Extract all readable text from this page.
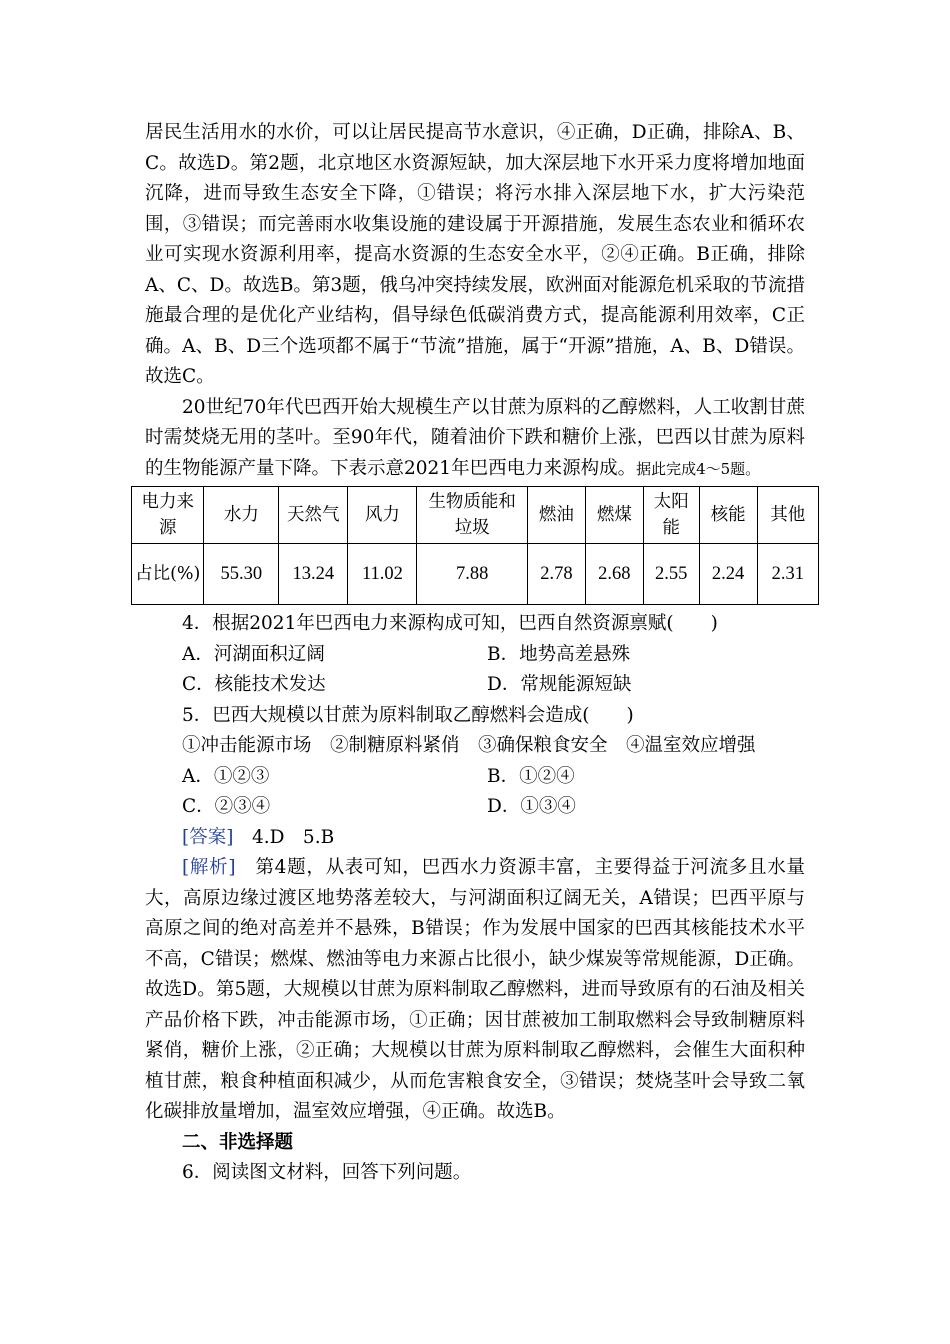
居民生活用水的水价，可以让居民提高节水意识，④正确，D正确，排除A、B、C。故选D。第2题，北京地区水资源短缺，加大深层地下水开采力度将增加地面沉降，进而导致生态安全下降，①错误；将污水排入深层地下水，扩大污染范围，③错误；而完善雨水收集设施的建设属于开源措施，发展生态农业和循环农业可实现水资源利用率，提高水资源的生态安全水平，②④正确。B正确，排除A、C、D。故选B。第3题，俄乌冲突持续发展，欧洲面对能源危机采取的节流措施最合理的是优化产业结构，倡导绿色低碳消费方式，提高能源利用效率，C正确。A、B、D三个选项都不属于“节流”措施，属于“开源”措施，A、B、D错误。故选C。

20世纪70年代巴西开始大规模生产以甘蔗为原料的乙醇燃料，人工收割甘蔗时需焚烧无用的茎叶。至90年代，随着油价下跌和糖价上涨，巴西以甘蔗为原料的生物能源产量下降。下表示意2021年巴西电力来源构成。据此完成4～5题。

电力来源	水力	天然气	风力	生物质能和垃圾	燃油	燃煤	太阳能	核能	其他
占比(%)	55.30	13.24	11.02	7.88	2.78	2.68	2.55	2.24	2.31

4．根据2021年巴西电力来源构成可知，巴西自然资源禀赋(　　)

A．河湖面积辽阔	B．地势高差悬殊
C．核能技术发达	D．常规能源短缺

5．巴西大规模以甘蔗为原料制取乙醇燃料会造成(　　)

①冲击能源市场　②制糖原料紧俏　③确保粮食安全　④温室效应增强

A．①②③	B．①②④
C．②③④	D．①③④

[答案]　4.D　5.B

[解析]　第4题，从表可知，巴西水力资源丰富，主要得益于河流多且水量大，高原边缘过渡区地势落差较大，与河湖面积辽阔无关，A错误；巴西平原与高原之间的绝对高差并不悬殊，B错误；作为发展中国家的巴西其核能技术水平不高，C错误；燃煤、燃油等电力来源占比很小，缺少煤炭等常规能源，D正确。故选D。第5题，大规模以甘蔗为原料制取乙醇燃料，进而导致原有的石油及相关产品价格下跌，冲击能源市场，①正确；因甘蔗被加工制取燃料会导致制糖原料紧俏，糖价上涨，②正确；大规模以甘蔗为原料制取乙醇燃料，会催生大面积种植甘蔗，粮食种植面积减少，从而危害粮食安全，③错误；焚烧茎叶会导致二氧化碳排放量增加，温室效应增强，④正确。故选B。

二、非选择题

6．阅读图文材料，回答下列问题。
